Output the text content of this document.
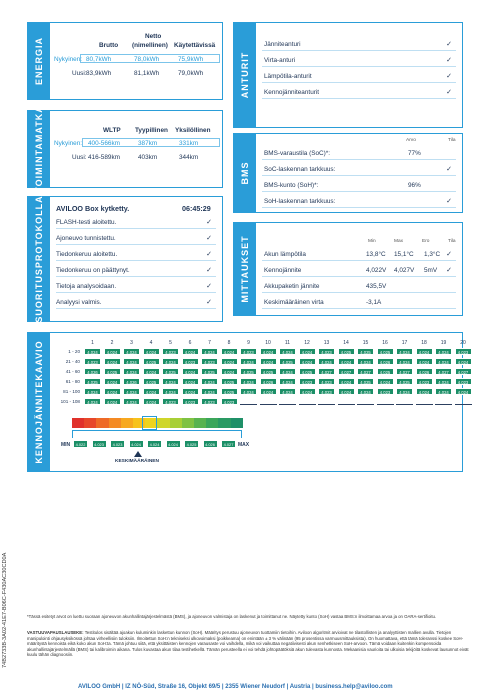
ENERGIA
Netto
Brutto (nimellinen) Käytettävissä
Nykyinen: 80,7kWh	78,0kWh	75,9kWh
Uusi: 83,9kWh	81,1kWh	79,0kWh	ANTURIT
Jänniteanturi	✓
Virta-anturi	✓
Lämpötila-anturit	✓
Kennojänniteanturit	✓
TOIMINTAMATKA	WLTP Tyypillinen Yksilöllinen
Nykyinen: 400-566km	387km	331km
Uusi: 416-589km	403km	344km
BMS
Arvo	Tila
BMS-varaustila (SoC)*:	77%
SoC-laskennan tarkkuus:	✓
BMS-kunto (SoH)*:	96%
SoH-laskennan tarkkuus:	✓
SUORITUSPROTOKOLLA AVILOO Box kytketty.	06:45:29
FLASH-testi aloitettu.	✓
Ajoneuvo tunnistettu.	✓
Tiedonkeruu aloitettu.	✓
Tiedonkeruu on päättynyt.	✓
Tietoja analysoidaan.	✓
Analyysi valmis.	✓	MITTAUKSET	Min	Max	Ero	Tila
Akun lämpötila	13,8°C 15,1°C 1,3°C ✓
Kennojännite	4,022V 4,027V 5mV ✓
Akkupaketin jännite	435,5V
Keskimääräinen virta	-3,1A
KENNOJÄNNITEKAAVIO	1	2	3	4	5	6	7	8	9	10	11	12	13	14	15	16	17	18	19	20
1 - 20	4.024	4.024	4.024	4.024	4.023	4.024	4.024	4.024	4.023	4.024	4.024	4.024	4.023	4.025	4.025	4.025	4.024	4.024	4.024	4.023
21 - 40	4.023	4.024	4.024	4.025	4.024	4.023	4.023	4.024	4.024	4.024	4.025	4.024	4.024	4.024	4.024	4.026	4.024	4.024	4.024	4.024
41 - 60	4.026	4.025	4.024	4.024	4.025	4.024	4.025	4.024	4.025	4.025	4.024	4.025	4.027	4.027	4.027	4.025	4.027	4.026	4.027	4.027
61 - 80	4.025	4.024	4.026	4.025	4.024	4.024	4.024	4.025	4.024	4.026	4.024	4.023	4.023	4.024	4.025	4.024	4.025	4.023	4.024	4.023
81 - 100	4.024	4.024	4.024	4.024	4.024	4.024	4.024	4.025	4.024	4.024	4.024	4.024	4.023	4.024	4.024	4.023	4.024	4.024	4.024	4.024
101 - 108	4.024	4.024	4.024	4.024	4.023	4.023	4.023	4.023
MIN	MAX
4.022	4.023	4.023	4.024	4.024	4.024	4.025	4.026	4.027
KESKIMÄÄRÄINEN
*Tässä esitetyt arvot on luettu suoraan ajoneuvon akunhallintajärjestelmästä (BMS), ja ajoneuvon valmistaja on laskenut ja toimittanut ne. Näytetty kunto (SoH) vastaa BMS:n ilmoittamaa arvoa ja on OARA-sertifioitu.
VASTUUVAPAUSLAUSEKE: Testitulos sisältää ajoakun kuluminkin laskettun kunnon (SoH). Määritys perustuu ajoneuvon tuottamiin tietoihin. Aviloon algoritmit arvioivat ne tilastollisten ja analyyttisten mallien avulla. Tietojen manipulointi ohjausyksikössä johtaa virheellisiin tuloksiin. Ilmoitettun SoH:n tekniseksi ulkovoimaksi (poikkeama) on enintään ± 3 % välinään (95 prosentissa varmuusmittauksista). On huomattava, että tämä toleranssi koskee SoH-määritystä kennoista eikä koko akun SoH:ta. Tämä johtuu siitä, että yksittäisten kennojen varausaste voi vaihdella, mikä voi vaikuttaa negatiivisesti akun senhetkiseen SoH-arvoon. Tämä voidaan kuitenkin kompensoida akunhallintajärjestelmällä (BMS) tai kalibroimin aikana. Tulos kuvastaa akun tilaa testihetkellä. Tämän perusteella ei voi tehdä johtopäätöksiä akun tulevasta kunnosta. Mekaanisia vaurioita tai ulkoisia tekijöitä koskevat lausunnot eivät kuulu tähän diagnoosiin.
AVILOO GmbH | IZ NÖ-Süd, Straße 16, Objekt 69/5 | 2355 Wiener Neudorf | Austria | business.help@aviloo.com
74B2733B-3A02-41E7-B06C-F430AC30CD0A
